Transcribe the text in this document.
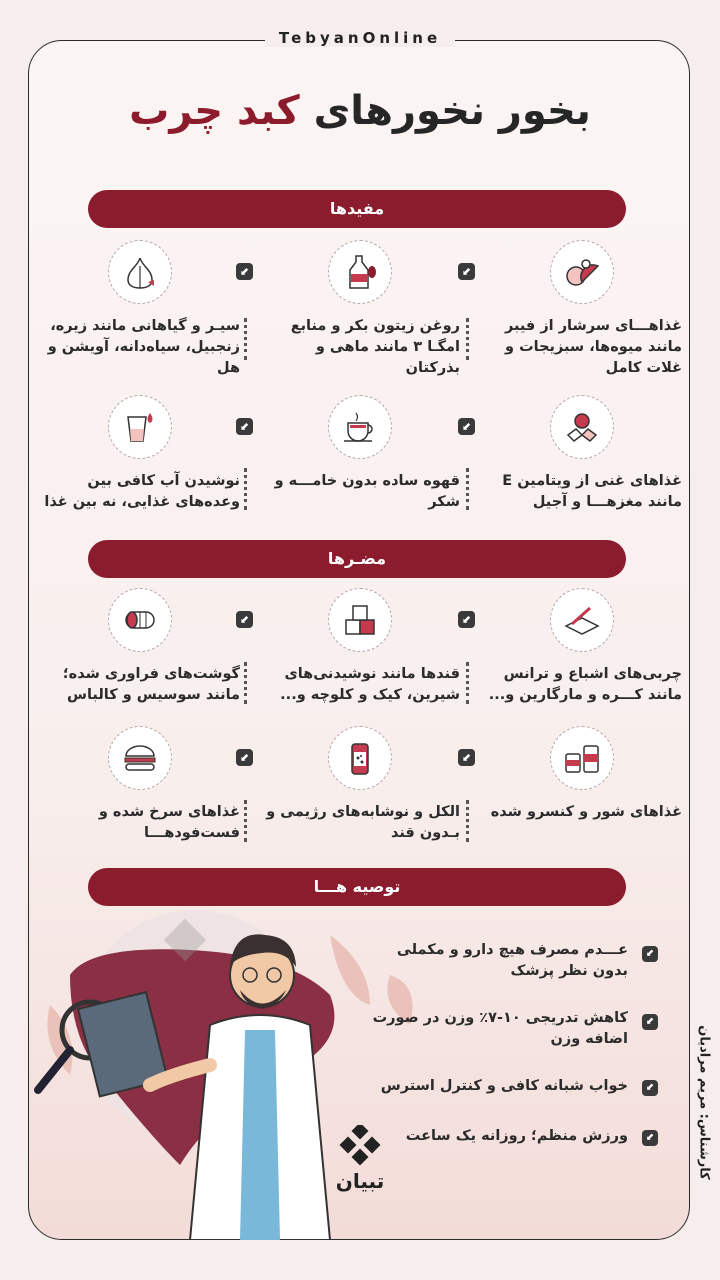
TebyanOnline
بخور نخورهای کبد چرب
مفیدها
غذاهـــای سرشار از فیبر مانند میوه‌ها، سبزیجات و غلات کامل
روغن زیتون بکر و منابع امگـا ۳ مانند ماهی و بذرکتان
سیـر و گیاهانی مانند زیره، زنجبیل، سیاه‌دانه، آویشن و هل
⬋
⬋
غذاهای غنی از ویتامین E مانند مغزهـــا و آجیل
قهوه ساده بدون خامـــه و شکر
نوشیدن آب کافی بین وعده‌های غذایی، نه بین غذا
⬋
⬋
مضـرها
چربی‌های اشباع و ترانس مانند کـــره و مارگارین و...
قندها مانند نوشیدنی‌های شیرین، کیک و کلوچه و...
گوشت‌های فراوری شده؛ مانند سوسیس و کالباس
⬋
⬋
غذاهای شور و کنسرو شده
الکل و نوشابه‌های رژیمی و بـدون قند
غذاهای سرخ شده و فست‌فودهـــا
⬋
⬋
توصیه هـــا
عـــدم مصرف هیچ دارو و مکملی بدون نظر پزشک
⬋
کاهش تدریجی ۱۰-۷٪ وزن در صورت اضافه وزن
⬋
خواب شبانه کافی و کنترل استرس	⬋
ورزش منظم؛ روزانه یک ساعت	⬋
تبیان
کارشناس: مریم مرادیان
